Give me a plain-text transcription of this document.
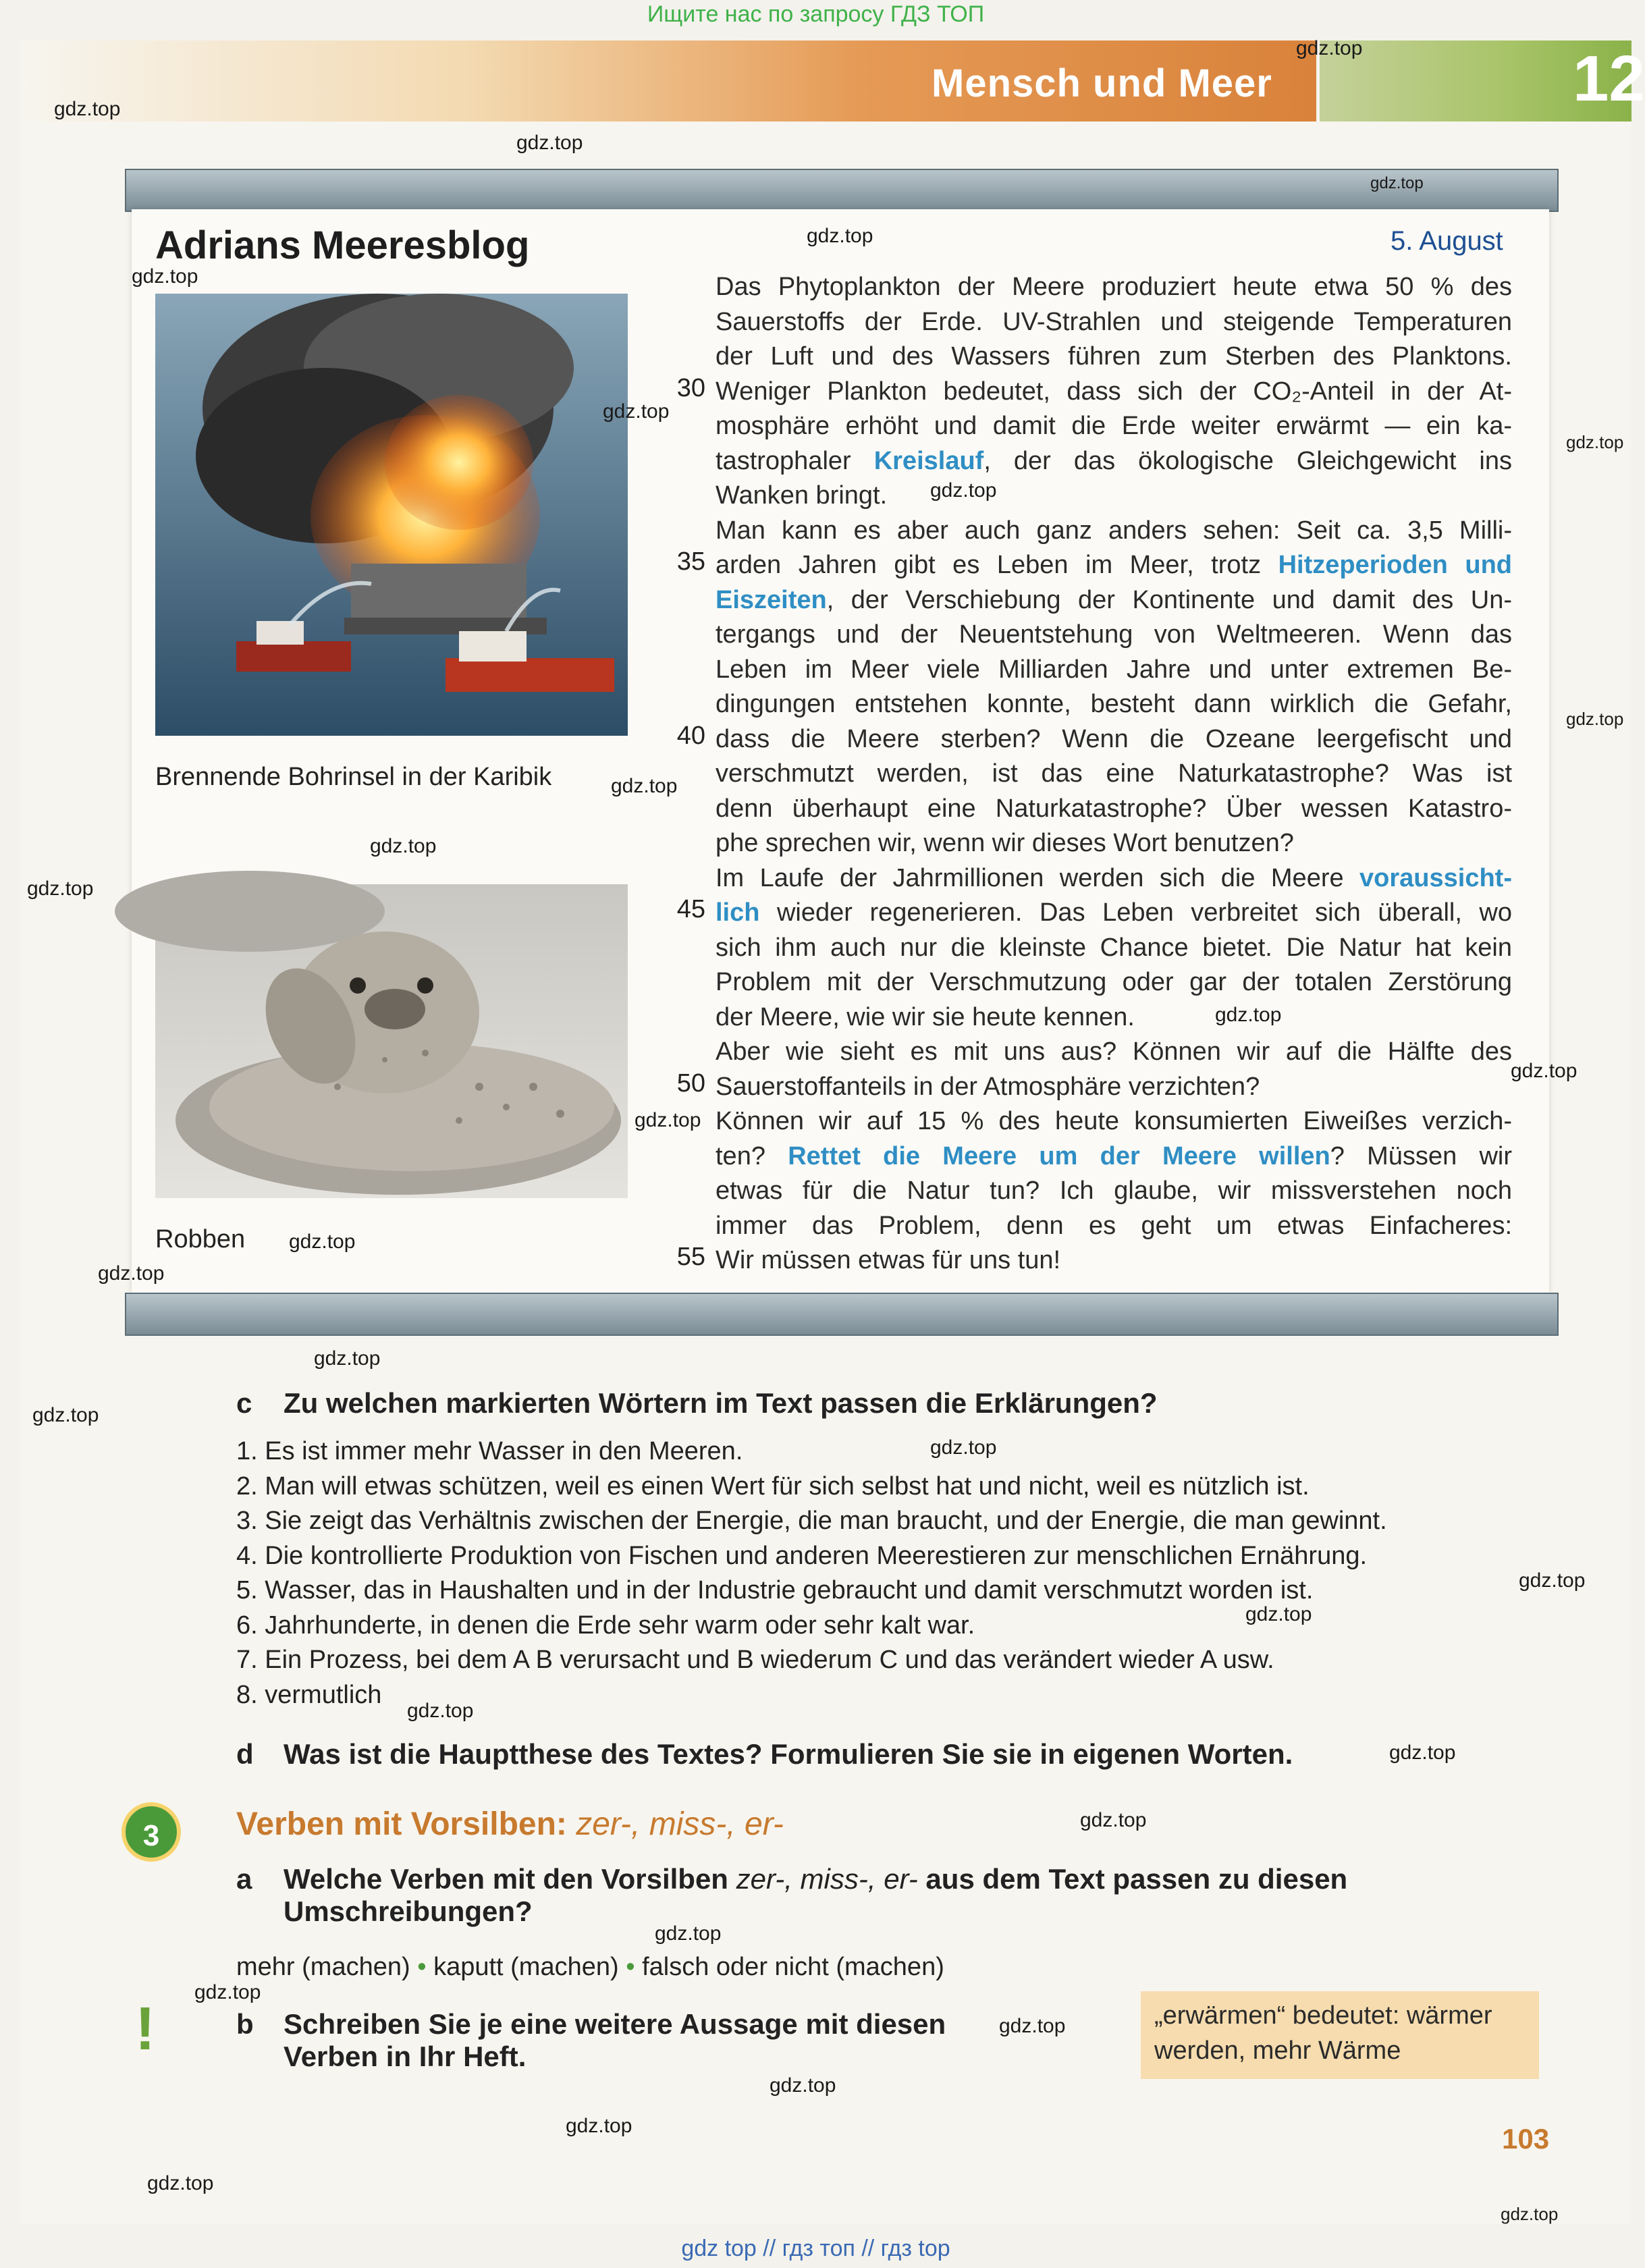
Ищите нас по запросу ГДЗ ТОП
Mensch und Meer	12
Adrians Meeresblog	5. August
Brennende Bohrinsel in der Karibik
Robben
30
35
40
45
50
55
Das Phytoplankton der Meere produziert heute etwa 50 % des
Sauerstoffs der Erde. UV-Strahlen und steigende Temperaturen
der Luft und des Wassers führen zum Sterben des Planktons.
Weniger Plankton bedeutet, dass sich der CO₂-Anteil in der At-
mosphäre erhöht und damit die Erde weiter erwärmt — ein ka-
tastrophaler Kreislauf, der das ökologische Gleichgewicht ins
Wanken bringt.
Man kann es aber auch ganz anders sehen: Seit ca. 3,5 Milli-
arden Jahren gibt es Leben im Meer, trotz Hitzeperioden und
Eiszeiten, der Verschiebung der Kontinente und damit des Un-
tergangs und der Neuentstehung von Weltmeeren. Wenn das
Leben im Meer viele Milliarden Jahre und unter extremen Be-
dingungen entstehen konnte, besteht dann wirklich die Gefahr,
dass die Meere sterben? Wenn die Ozeane leergefischt und
verschmutzt werden, ist das eine Naturkatastrophe? Was ist
denn überhaupt eine Naturkatastrophe? Über wessen Katastro-
phe sprechen wir, wenn wir dieses Wort benutzen?
Im Laufe der Jahrmillionen werden sich die Meere voraussicht-
lich wieder regenerieren. Das Leben verbreitet sich überall, wo
sich ihm auch nur die kleinste Chance bietet. Die Natur hat kein
Problem mit der Verschmutzung oder gar der totalen Zerstörung
der Meere, wie wir sie heute kennen.
Aber wie sieht es mit uns aus? Können wir auf die Hälfte des
Sauerstoffanteils in der Atmosphäre verzichten?
Können wir auf 15 % des heute konsumierten Eiweißes verzich-
ten? Rettet die Meere um der Meere willen? Müssen wir
etwas für die Natur tun? Ich glaube, wir missverstehen noch
immer das Problem, denn es geht um etwas Einfacheres:
Wir müssen etwas für uns tun!
c Zu welchen markierten Wörtern im Text passen die Erklärungen?
1. Es ist immer mehr Wasser in den Meeren.
2. Man will etwas schützen, weil es einen Wert für sich selbst hat und nicht, weil es nützlich ist.
3. Sie zeigt das Verhältnis zwischen der Energie, die man braucht, und der Energie, die man gewinnt.
4. Die kontrollierte Produktion von Fischen und anderen Meerestieren zur menschlichen Ernährung.
5. Wasser, das in Haushalten und in der Industrie gebraucht und damit verschmutzt worden ist.
6. Jahrhunderte, in denen die Erde sehr warm oder sehr kalt war.
7. Ein Prozess, bei dem A B verursacht und B wiederum C und das verändert wieder A usw.
8. vermutlich
d Was ist die Hauptthese des Textes? Formulieren Sie sie in eigenen Worten.
3	Verben mit Vorsilben: zer-, miss-, er-
a Welche Verben mit den Vorsilben zer-, miss-, er- aus dem Text passen zu diesen
Umschreibungen?
mehr (machen) • kaputt (machen) • falsch oder nicht (machen)
!	b Schreiben Sie je eine weitere Aussage mit diesen
Verben in Ihr Heft.
„erwärmen“ bedeutet: wärmer
werden, mehr Wärme
103
gdz.top
gdz.top
gdz.top
gdz.top
gdz.top
gdz.top
gdz.top
gdz.top
gdz.top
gdz.top
gdz.top
gdz.top
gdz.top
gdz.top
gdz.top
gdz.top
gdz.top
gdz.top
gdz.top
gdz.top
gdz.top
gdz.top
gdz.top
gdz.top
gdz.top
gdz.top
gdz.top
gdz.top
gdz.top
gdz.top
gdz.top
gdz.top
gdz.top
gdz top // гдз топ // гдз top
